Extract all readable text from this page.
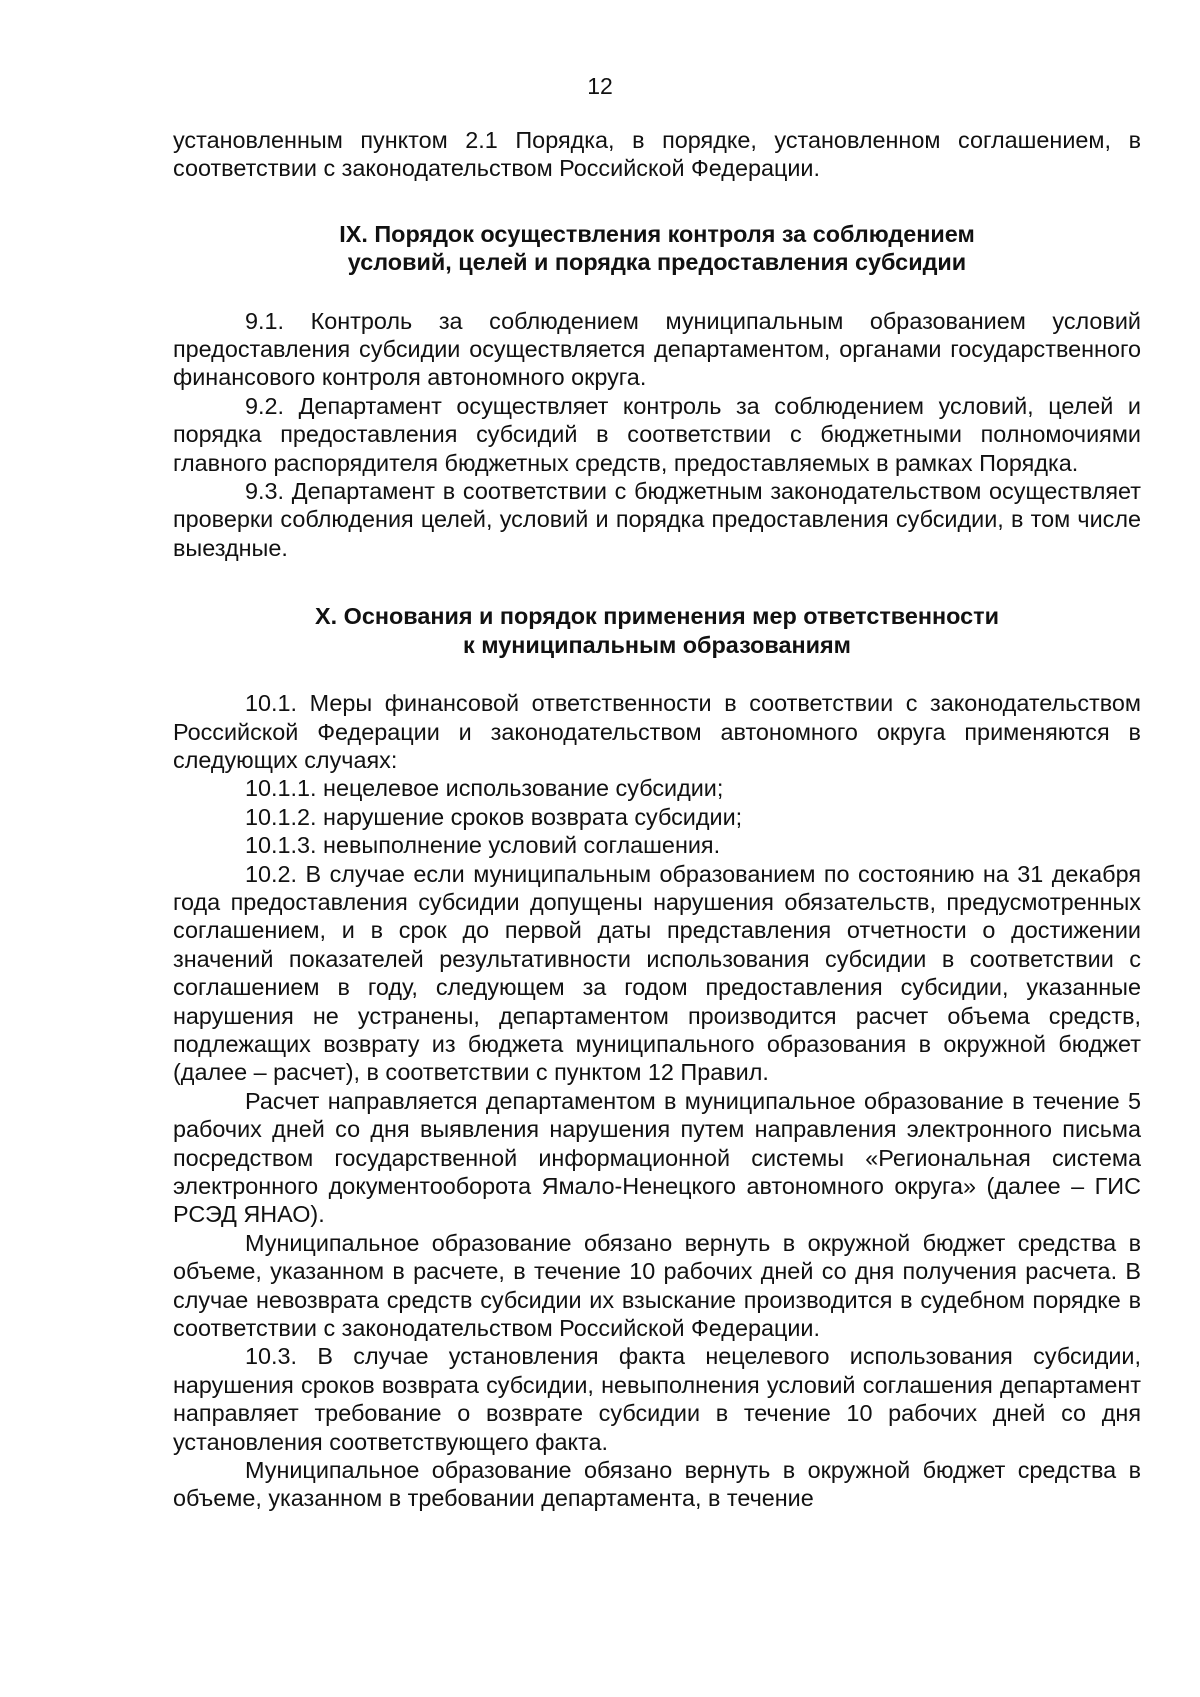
12

установленным пунктом 2.1 Порядка, в порядке, установленном соглашением, в соответствии с законодательством Российской Федерации.

IX. Порядок осуществления контроля за соблюдением
условий, целей и порядка предоставления субсидии

9.1. Контроль за соблюдением муниципальным образованием условий предоставления субсидии осуществляется департаментом, органами государственного финансового контроля автономного округа.

9.2. Департамент осуществляет контроль за соблюдением условий, целей и порядка предоставления субсидий в соответствии с бюджетными полномочиями главного распорядителя бюджетных средств, предоставляемых в рамках Порядка.

9.3. Департамент в соответствии с бюджетным законодательством осуществляет проверки соблюдения целей, условий и порядка предоставления субсидии, в том числе выездные.

X. Основания и порядок применения мер ответственности
к муниципальным образованиям

10.1. Меры финансовой ответственности в соответствии с законодательством Российской Федерации и законодательством автономного округа применяются в следующих случаях:

10.1.1. нецелевое использование субсидии;

10.1.2. нарушение сроков возврата субсидии;

10.1.3. невыполнение условий соглашения.

10.2. В случае если муниципальным образованием по состоянию на 31 декабря года предоставления субсидии допущены нарушения обязательств, предусмотренных соглашением, и в срок до первой даты представления отчетности о достижении значений показателей результативности использования субсидии в соответствии с соглашением в году, следующем за годом предоставления субсидии, указанные нарушения не устранены, департаментом производится расчет объема средств, подлежащих возврату из бюджета муниципального образования в окружной бюджет (далее – расчет), в соответствии с пунктом 12 Правил.

Расчет направляется департаментом в муниципальное образование в течение 5 рабочих дней со дня выявления нарушения путем направления электронного письма посредством государственной информационной системы «Региональная система электронного документооборота Ямало-Ненецкого автономного округа» (далее – ГИС РСЭД ЯНАО).

Муниципальное образование обязано вернуть в окружной бюджет средства в объеме, указанном в расчете, в течение 10 рабочих дней со дня получения расчета. В случае невозврата средств субсидии их взыскание производится в судебном порядке в соответствии с законодательством Российской Федерации.

10.3. В случае установления факта нецелевого использования субсидии, нарушения сроков возврата субсидии, невыполнения условий соглашения департамент направляет требование о возврате субсидии в течение 10 рабочих дней со дня установления соответствующего факта.

Муниципальное образование обязано вернуть в окружной бюджет средства в объеме, указанном в требовании департамента, в течение
